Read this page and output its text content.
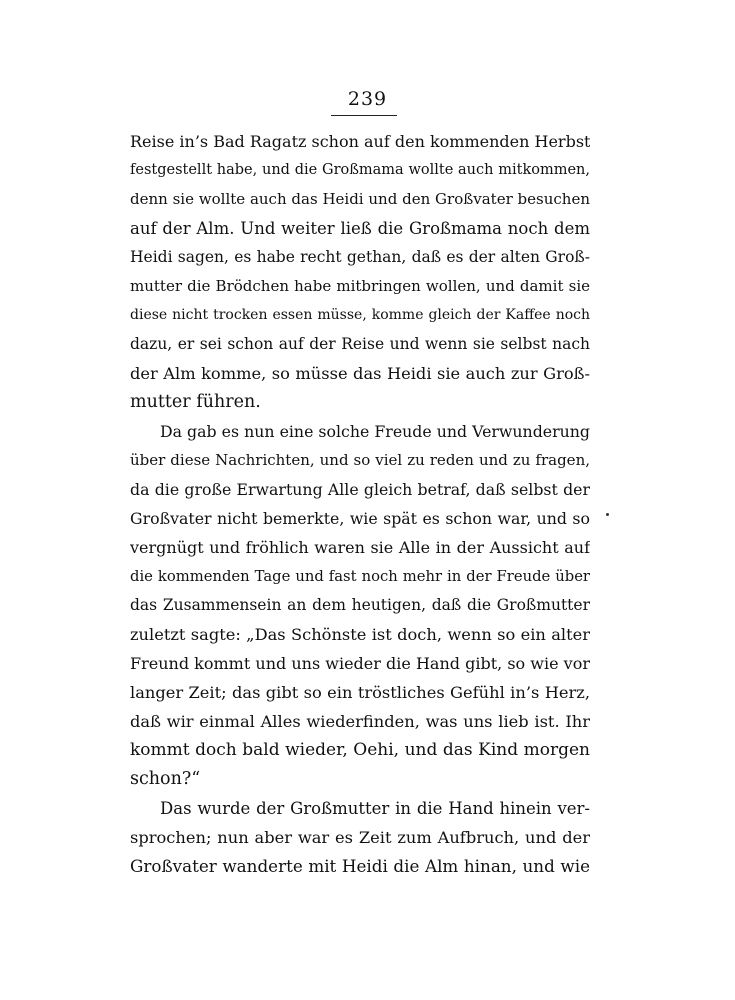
239
Reise in’s Bad Ragatz schon auf den kommenden Herbst
festgestellt habe, und die Großmama wollte auch mitkommen,
denn sie wollte auch das Heidi und den Großvater besuchen
auf der Alm. Und weiter ließ die Großmama noch dem
Heidi sagen, es habe recht gethan, daß es der alten Groß-
mutter die Brödchen habe mitbringen wollen, und damit sie
diese nicht trocken essen müsse, komme gleich der Kaffee noch
dazu, er sei schon auf der Reise und wenn sie selbst nach
der Alm komme, so müsse das Heidi sie auch zur Groß-
mutter führen.
Da gab es nun eine solche Freude und Verwunderung
über diese Nachrichten, und so viel zu reden und zu fragen,
da die große Erwartung Alle gleich betraf, daß selbst der
Großvater nicht bemerkte, wie spät es schon war, und so
vergnügt und fröhlich waren sie Alle in der Aussicht auf
die kommenden Tage und fast noch mehr in der Freude über
das Zusammensein an dem heutigen, daß die Großmutter
zuletzt sagte: „Das Schönste ist doch, wenn so ein alter
Freund kommt und uns wieder die Hand gibt, so wie vor
langer Zeit; das gibt so ein tröstliches Gefühl in’s Herz,
daß wir einmal Alles wiederfinden, was uns lieb ist. Ihr
kommt doch bald wieder, Oehi, und das Kind morgen
schon?“
Das wurde der Großmutter in die Hand hinein ver-
sprochen; nun aber war es Zeit zum Aufbruch, und der
Großvater wanderte mit Heidi die Alm hinan, und wie
